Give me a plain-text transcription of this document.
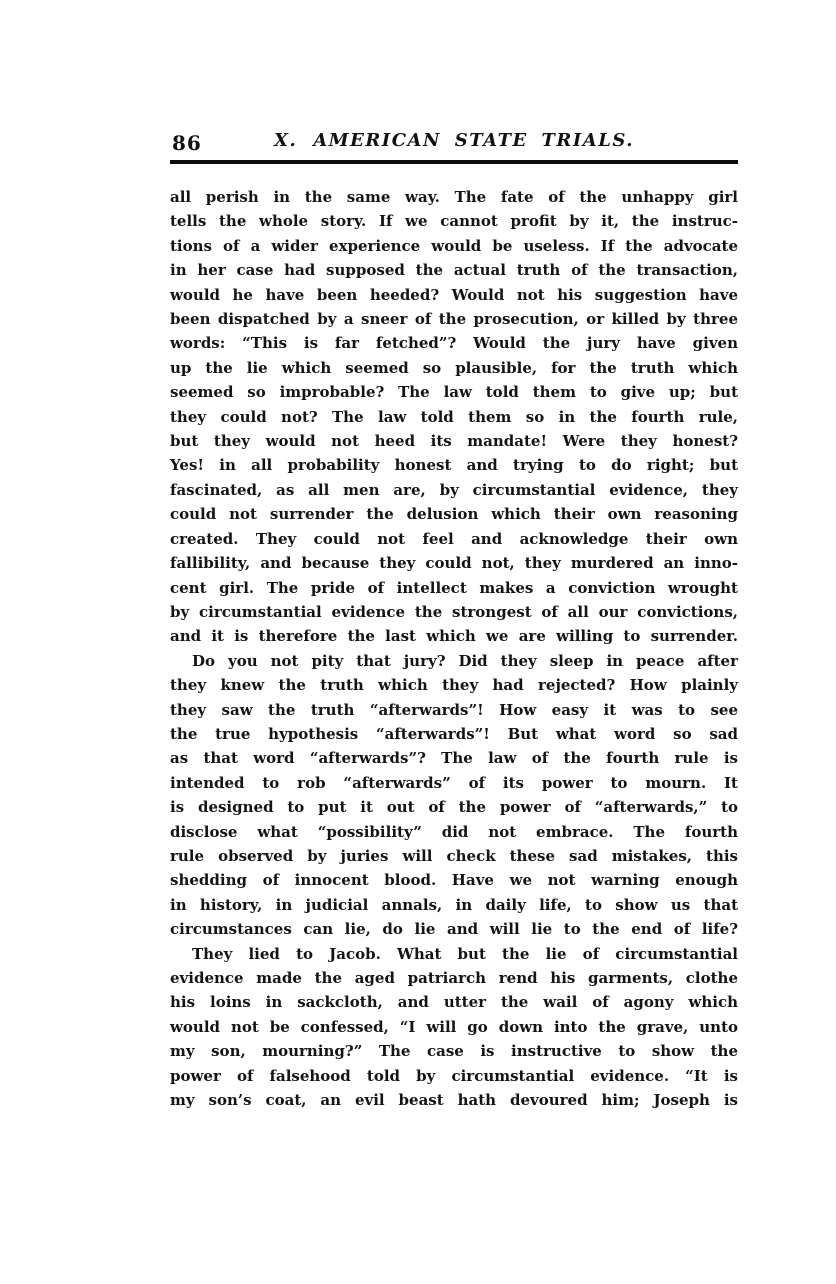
86	X. AMERICAN STATE TRIALS.
all perish in the same way. The fate of the unhappy girl
tells the whole story. If we cannot profit by it, the instruc-
tions of a wider experience would be useless. If the advocate
in her case had supposed the actual truth of the transaction,
would he have been heeded? Would not his suggestion have
been dispatched by a sneer of the prosecution, or killed by three
words: “This is far fetched”? Would the jury have given
up the lie which seemed so plausible, for the truth which
seemed so improbable? The law told them to give up; but
they could not? The law told them so in the fourth rule,
but they would not heed its mandate! Were they honest?
Yes! in all probability honest and trying to do right; but
fascinated, as all men are, by circumstantial evidence, they
could not surrender the delusion which their own reasoning
created. They could not feel and acknowledge their own
fallibility, and because they could not, they murdered an inno-
cent girl. The pride of intellect makes a conviction wrought
by circumstantial evidence the strongest of all our convictions,
and it is therefore the last which we are willing to surrender.
Do you not pity that jury? Did they sleep in peace after
they knew the truth which they had rejected? How plainly
they saw the truth “afterwards”! How easy it was to see
the true hypothesis “afterwards”! But what word so sad
as that word “afterwards”? The law of the fourth rule is
intended to rob “afterwards” of its power to mourn. It
is designed to put it out of the power of “afterwards,” to
disclose what “possibility” did not embrace. The fourth
rule observed by juries will check these sad mistakes, this
shedding of innocent blood. Have we not warning enough
in history, in judicial annals, in daily life, to show us that
circumstances can lie, do lie and will lie to the end of life?
They lied to Jacob. What but the lie of circumstantial
evidence made the aged patriarch rend his garments, clothe
his loins in sackcloth, and utter the wail of agony which
would not be confessed, “I will go down into the grave, unto
my son, mourning?” The case is instructive to show the
power of falsehood told by circumstantial evidence. “It is
my son’s coat, an evil beast hath devoured him; Joseph is
